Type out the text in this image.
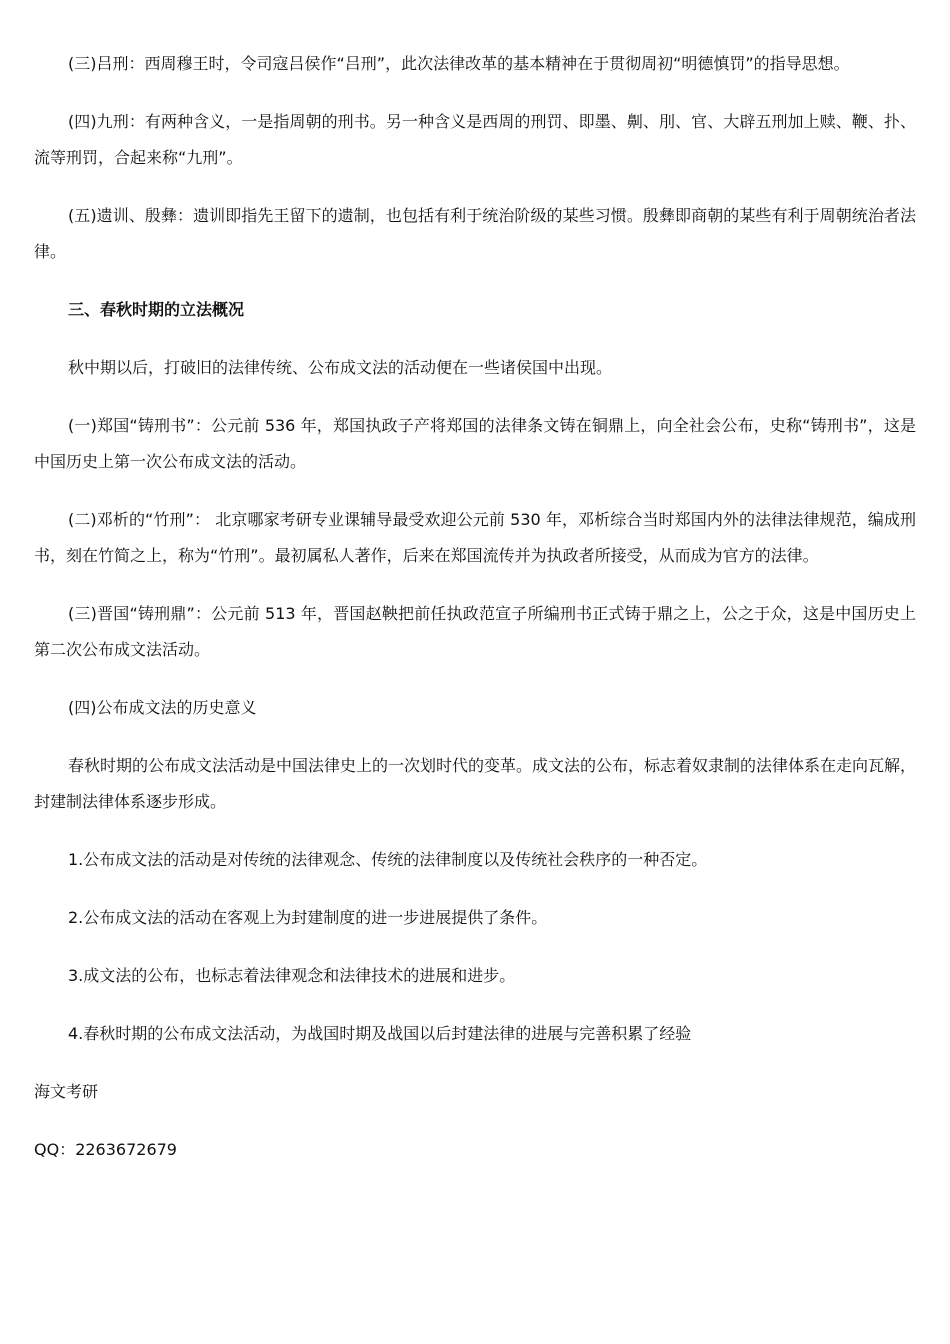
(三)吕刑：西周穆王时，令司寇吕侯作“吕刑”，此次法律改革的基本精神在于贯彻周初“明德慎罚”的指导思想。

(四)九刑：有两种含义，一是指周朝的刑书。另一种含义是西周的刑罚、即墨、劓、刖、官、大辟五刑加上赎、鞭、扑、流等刑罚，合起来称“九刑”。

(五)遗训、殷彝：遗训即指先王留下的遗制，也包括有利于统治阶级的某些习惯。殷彝即商朝的某些有利于周朝统治者法律。

三、春秋时期的立法概况

秋中期以后，打破旧的法律传统、公布成文法的活动便在一些诸侯国中出现。

(一)郑国“铸刑书”：公元前 536 年，郑国执政子产将郑国的法律条文铸在铜鼎上，向全社会公布，史称“铸刑书”，这是中国历史上第一次公布成文法的活动。

(二)邓析的“竹刑”： 北京哪家考研专业课辅导最受欢迎公元前 530 年，邓析综合当时郑国内外的法律法律规范，编成刑书，刻在竹简之上，称为“竹刑”。最初属私人著作，后来在郑国流传并为执政者所接受，从而成为官方的法律。

(三)晋国“铸刑鼎”：公元前 513 年，晋国赵鞅把前任执政范宣子所编刑书正式铸于鼎之上，公之于众，这是中国历史上第二次公布成文法活动。

(四)公布成文法的历史意义

春秋时期的公布成文法活动是中国法律史上的一次划时代的变革。成文法的公布，标志着奴隶制的法律体系在走向瓦解，封建制法律体系逐步形成。

1.公布成文法的活动是对传统的法律观念、传统的法律制度以及传统社会秩序的一种否定。

2.公布成文法的活动在客观上为封建制度的进一步进展提供了条件。

3.成文法的公布，也标志着法律观念和法律技术的进展和进步。

4.春秋时期的公布成文法活动，为战国时期及战国以后封建法律的进展与完善积累了经验

海文考研

QQ：2263672679
